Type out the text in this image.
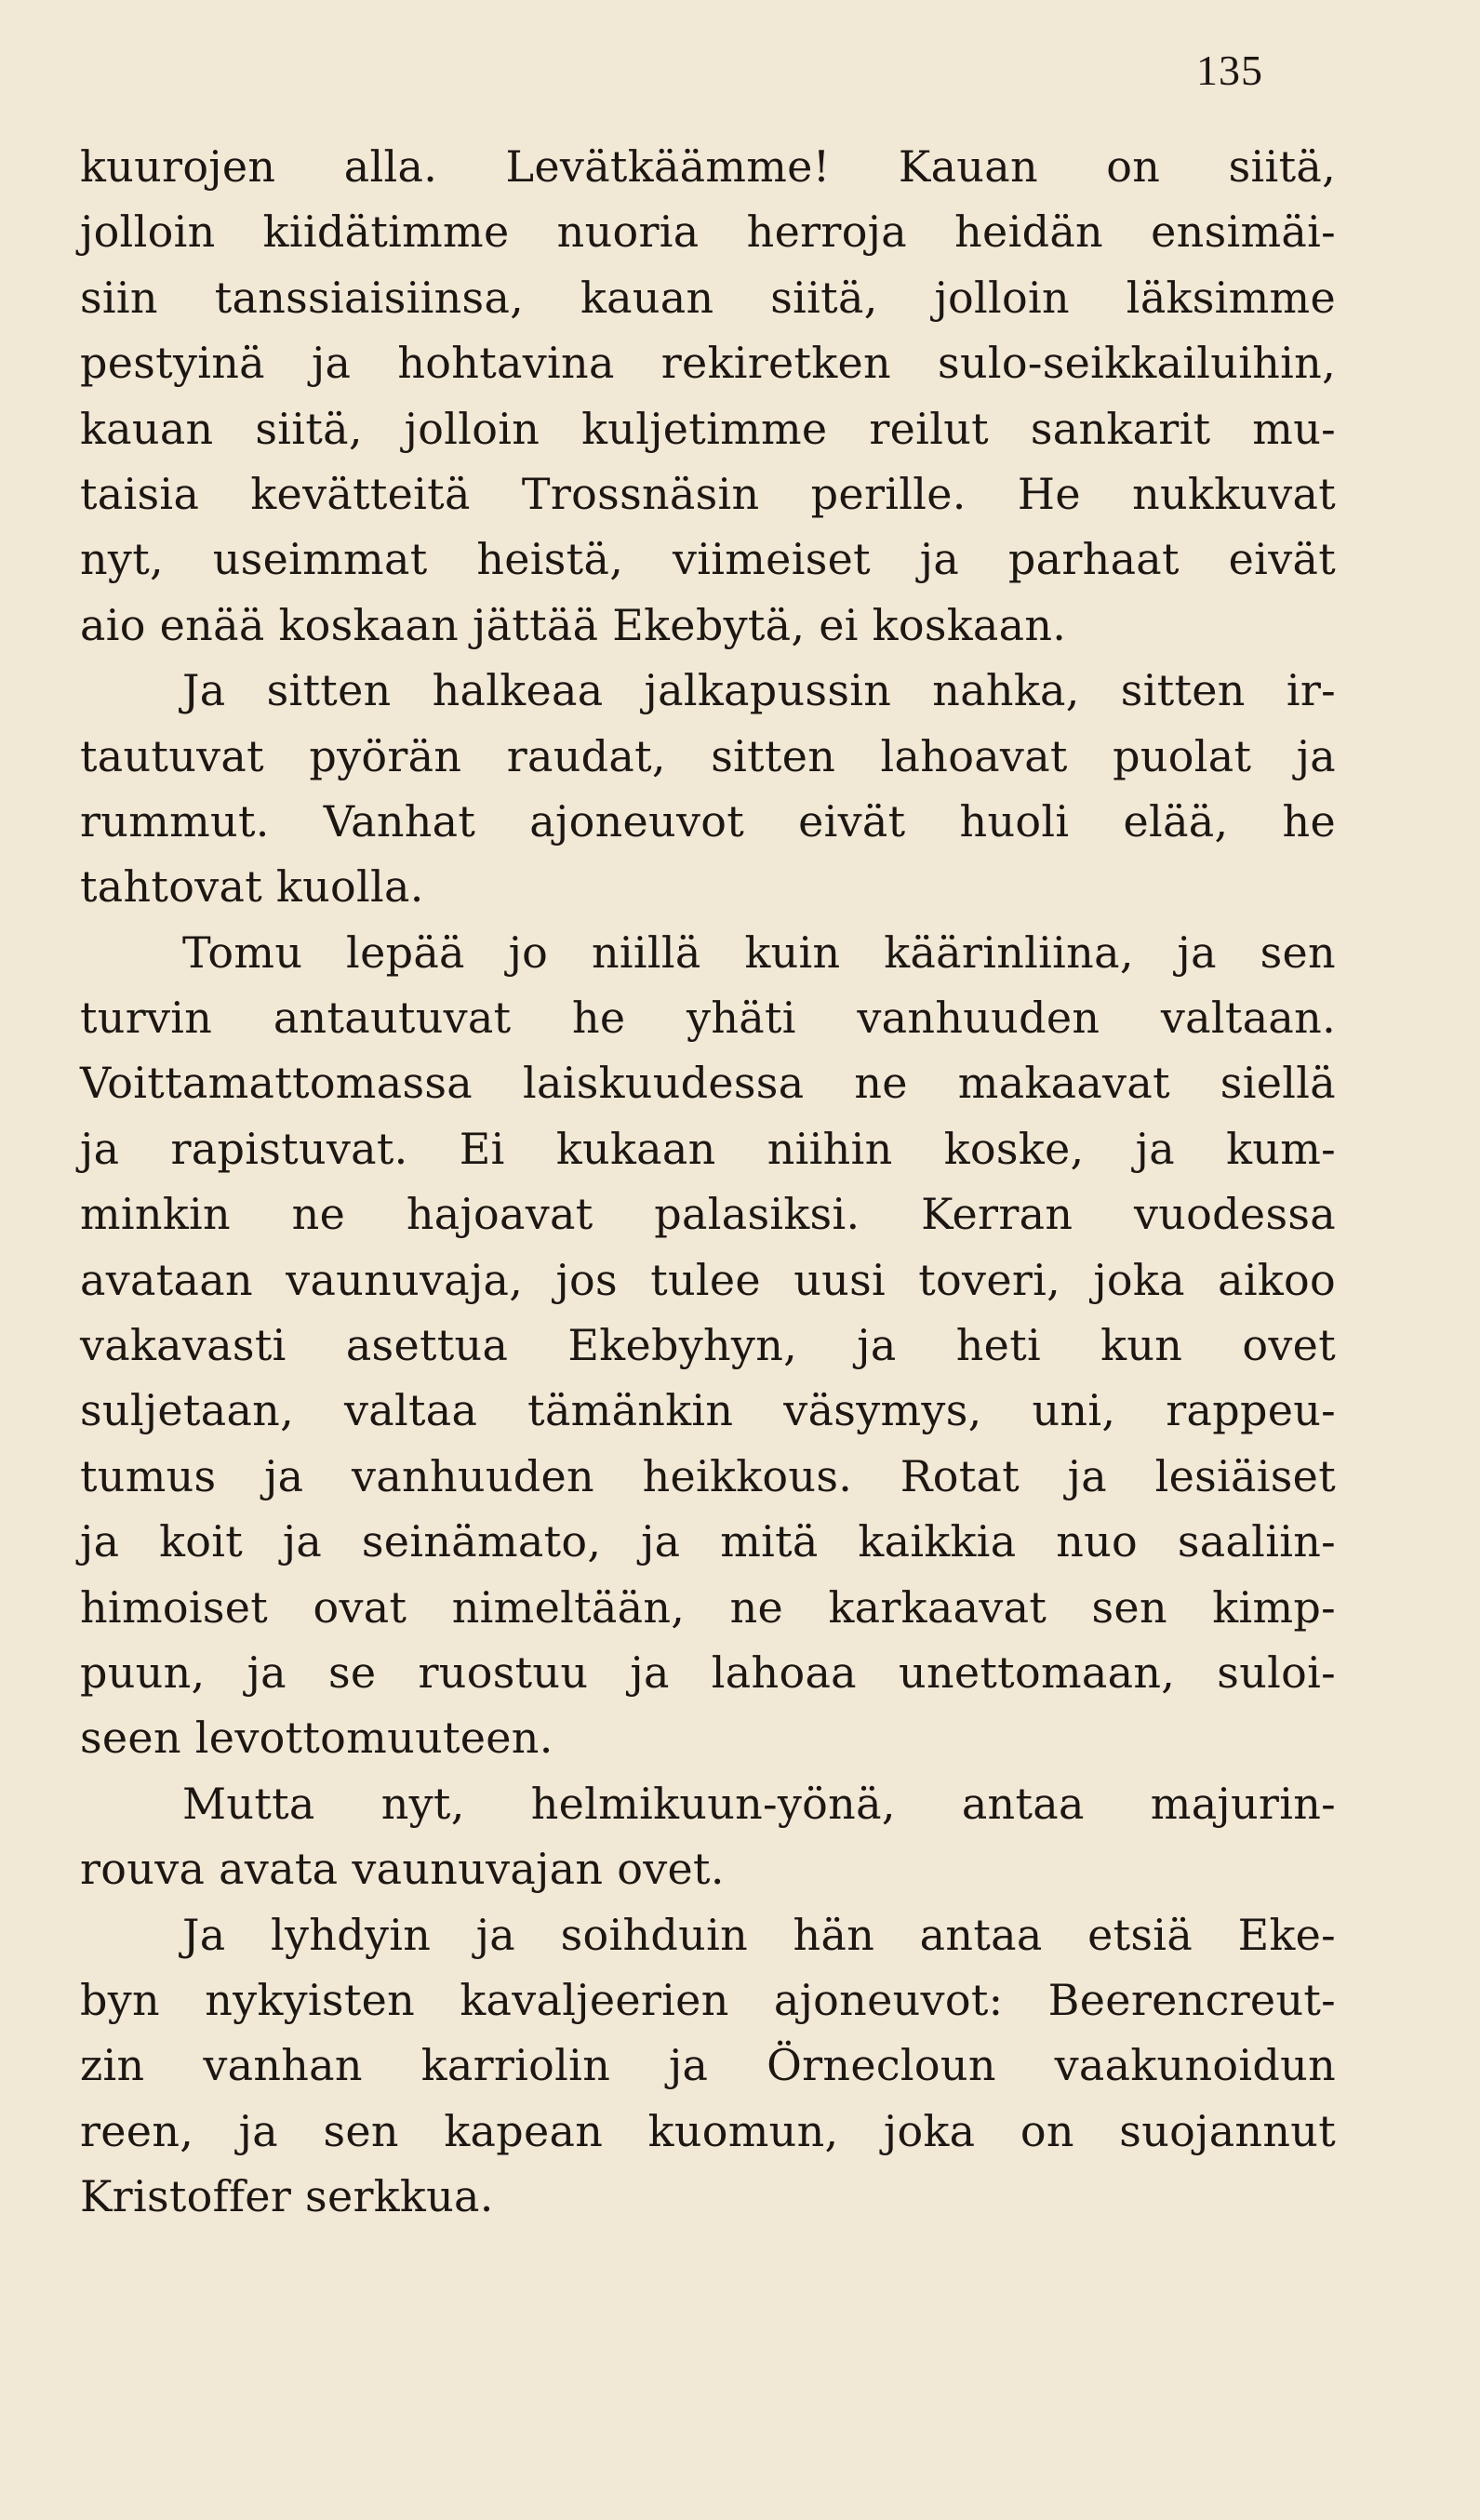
135
kuurojen alla. Levätkäämme! Kauan on siitä,
jolloin kiidätimme nuoria herroja heidän ensimäi-
siin tanssiaisiinsa, kauan siitä, jolloin läksimme
pestyinä ja hohtavina rekiretken sulo-seikkailuihin,
kauan siitä, jolloin kuljetimme reilut sankarit mu-
taisia kevätteitä Trossnäsin perille. He nukkuvat
nyt, useimmat heistä, viimeiset ja parhaat eivät
aio enää koskaan jättää Ekebytä, ei koskaan.
Ja sitten halkeaa jalkapussin nahka, sitten ir-
tautuvat pyörän raudat, sitten lahoavat puolat ja
rummut. Vanhat ajoneuvot eivät huoli elää, he
tahtovat kuolla.
Tomu lepää jo niillä kuin käärinliina, ja sen
turvin antautuvat he yhäti vanhuuden valtaan.
Voittamattomassa laiskuudessa ne makaavat siellä
ja rapistuvat. Ei kukaan niihin koske, ja kum-
minkin ne hajoavat palasiksi. Kerran vuodessa
avataan vaunuvaja, jos tulee uusi toveri, joka aikoo
vakavasti asettua Ekebyhyn, ja heti kun ovet
suljetaan, valtaa tämänkin väsymys, uni, rappeu-
tumus ja vanhuuden heikkous. Rotat ja lesiäiset
ja koit ja seinämato, ja mitä kaikkia nuo saaliin-
himoiset ovat nimeltään, ne karkaavat sen kimp-
puun, ja se ruostuu ja lahoaa unettomaan, suloi-
seen levottomuuteen.
Mutta nyt, helmikuun-yönä, antaa majurin-
rouva avata vaunuvajan ovet.
Ja lyhdyin ja soihduin hän antaa etsiä Eke-
byn nykyisten kavaljeerien ajoneuvot: Beerencreut-
zin vanhan karriolin ja Örnecloun vaakunoidun
reen, ja sen kapean kuomun, joka on suojannut
Kristoffer serkkua.
